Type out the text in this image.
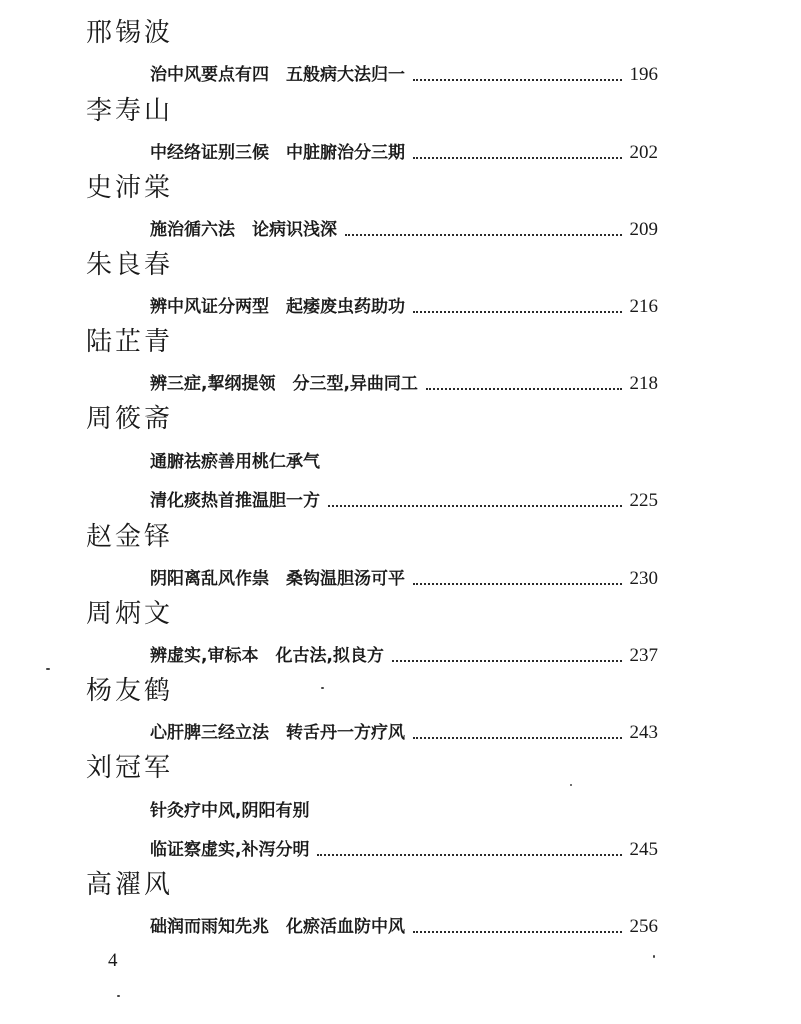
邢锡波
治中风要点有四　五般病大法归一	196
李寿山
中经络证别三候　中脏腑治分三期	202
史沛棠
施治循六法　论病识浅深	209
朱良春
辨中风证分两型　起痿废虫药助功	216
陆芷青
辨三症,挈纲提领　分三型,异曲同工	218
周筱斋
通腑祛瘀善用桃仁承气
清化痰热首推温胆一方	225
赵金铎
阴阳离乱风作祟　桑钩温胆汤可平	230
周炳文
辨虚实,审标本　化古法,拟良方	237
杨友鹤
心肝脾三经立法　转舌丹一方疗风	243
刘冠军
针灸疗中风,阴阳有别
临证察虚实,补泻分明	245
高濯风
础润而雨知先兆　化瘀活血防中风	256
4
